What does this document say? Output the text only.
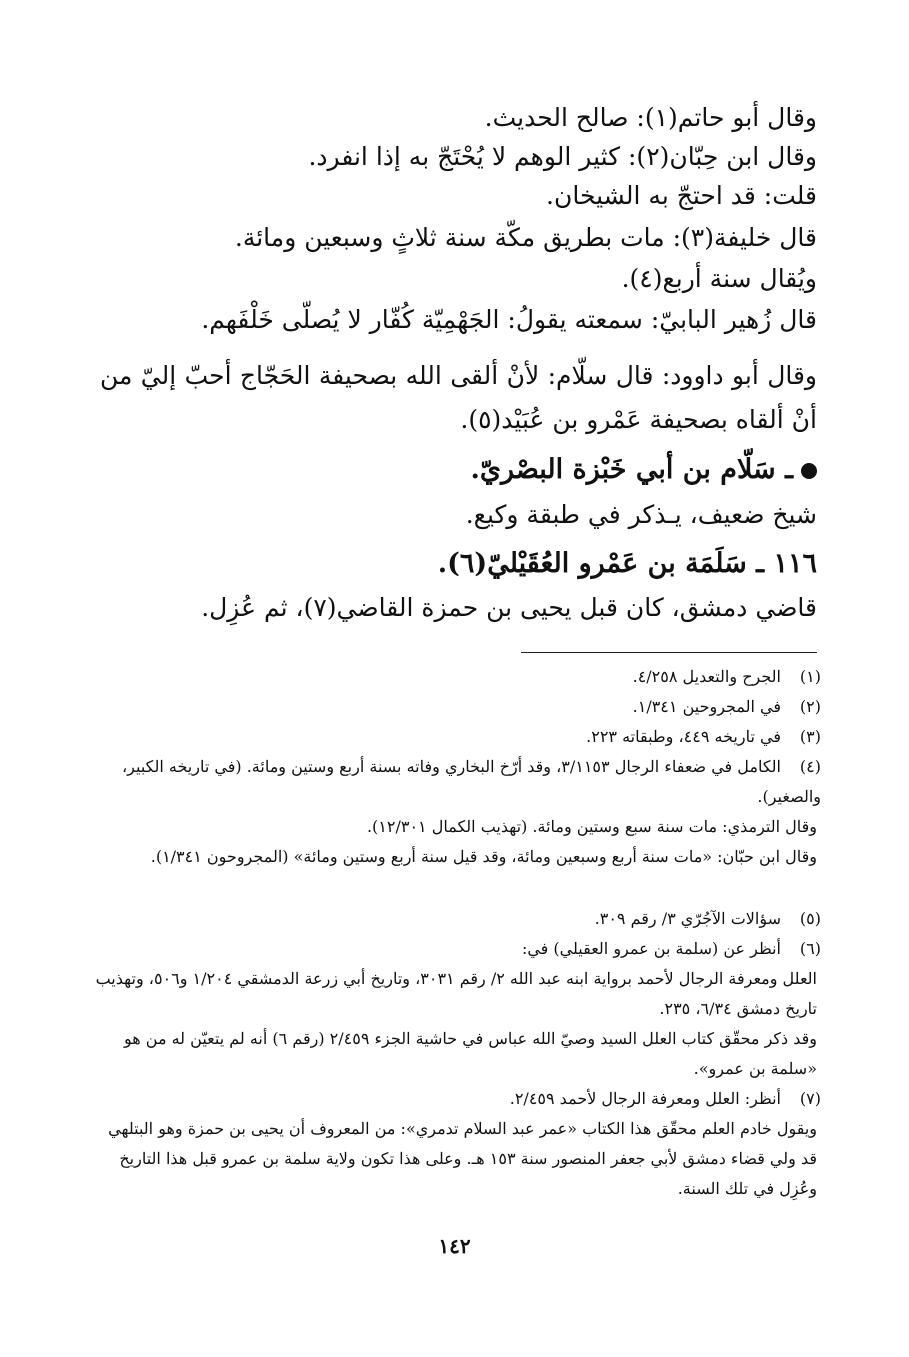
وقال أبو حاتم(١): صالح الحديث.
وقال ابن حِبّان(٢): كثير الوهم لا يُحْتَجّ به إذا انفرد.
قلت: قد احتجّ به الشيخان.
قال خليفة(٣): مات بطريق مكّة سنة ثلاثٍ وسبعين ومائة.
ويُقال سنة أربع(٤).
قال زُهير البابيّ: سمعته يقولُ: الجَهْمِيّة كُفّار لا يُصلّى خَلْفَهم.
وقال أبو داوود: قال سلّام: لأنْ ألقى الله بصحيفة الحَجّاج أحبّ إليّ من أنْ ألقاه بصحيفة عَمْرو بن عُبَيْد(٥).
ـ سَلّام بن أبي خَبْزة البصْريّ.
شيخ ضعيف، يـذكر في طبقة وكيع.
١١٦ ـ سَلَمَة بن عَمْرو العُقَيْليّ(٦).
قاضي دمشق، كان قبل يحيى بن حمزة القاضي(٧)، ثم عُزِل.
(١)الجرح والتعديل ٤/٢٥٨.
(٢)في المجروحين ١/٣٤١.
(٣)في تاريخه ٤٤٩، وطبقاته ٢٢٣.
(٤)الكامل في ضعفاء الرجال ٣/١١٥٣، وقد أرّخ البخاري وفاته بسنة أربع وستين ومائة. (في تاريخه الكبير، والصغير).
وقال الترمذي: مات سنة سبع وستين ومائة. (تهذيب الكمال ١٢/٣٠١).
وقال ابن حبّان: «مات سنة أربع وسبعين ومائة، وقد قيل سنة أربع وستين ومائة» (المجروحون ١/٣٤١).
(٥)سؤالات الآجُرّي ٣/ رقم ٣٠٩.
(٦)أنظر عن (سلمة بن عمرو العقيلي) في:
العلل ومعرفة الرجال لأحمد برواية ابنه عبد الله ٢/ رقم ٣٠٣١، وتاريخ أبي زرعة الدمشقي ١/٢٠٤ و٥٠٦، وتهذيب تاريخ دمشق ٦/٣٤، ٢٣٥.
وقد ذكر محقّق كتاب العلل السيد وصيّ الله عباس في حاشية الجزء ٢/٤٥٩ (رقم ٦) أنه لم يتعيّن له من هو «سلمة بن عمرو».
(٧)أنظر: العلل ومعرفة الرجال لأحمد ٢/٤٥٩.
ويقول خادم العلم محقّق هذا الكتاب «عمر عبد السلام تدمري»: من المعروف أن يحيى بن حمزة وهو البتلهي قد ولي قضاء دمشق لأبي جعفر المنصور سنة ١٥٣ هـ. وعلى هذا تكون ولاية سلمة بن عمرو قبل هذا التاريخ وعُزِل في تلك السنة.
١٤٢
